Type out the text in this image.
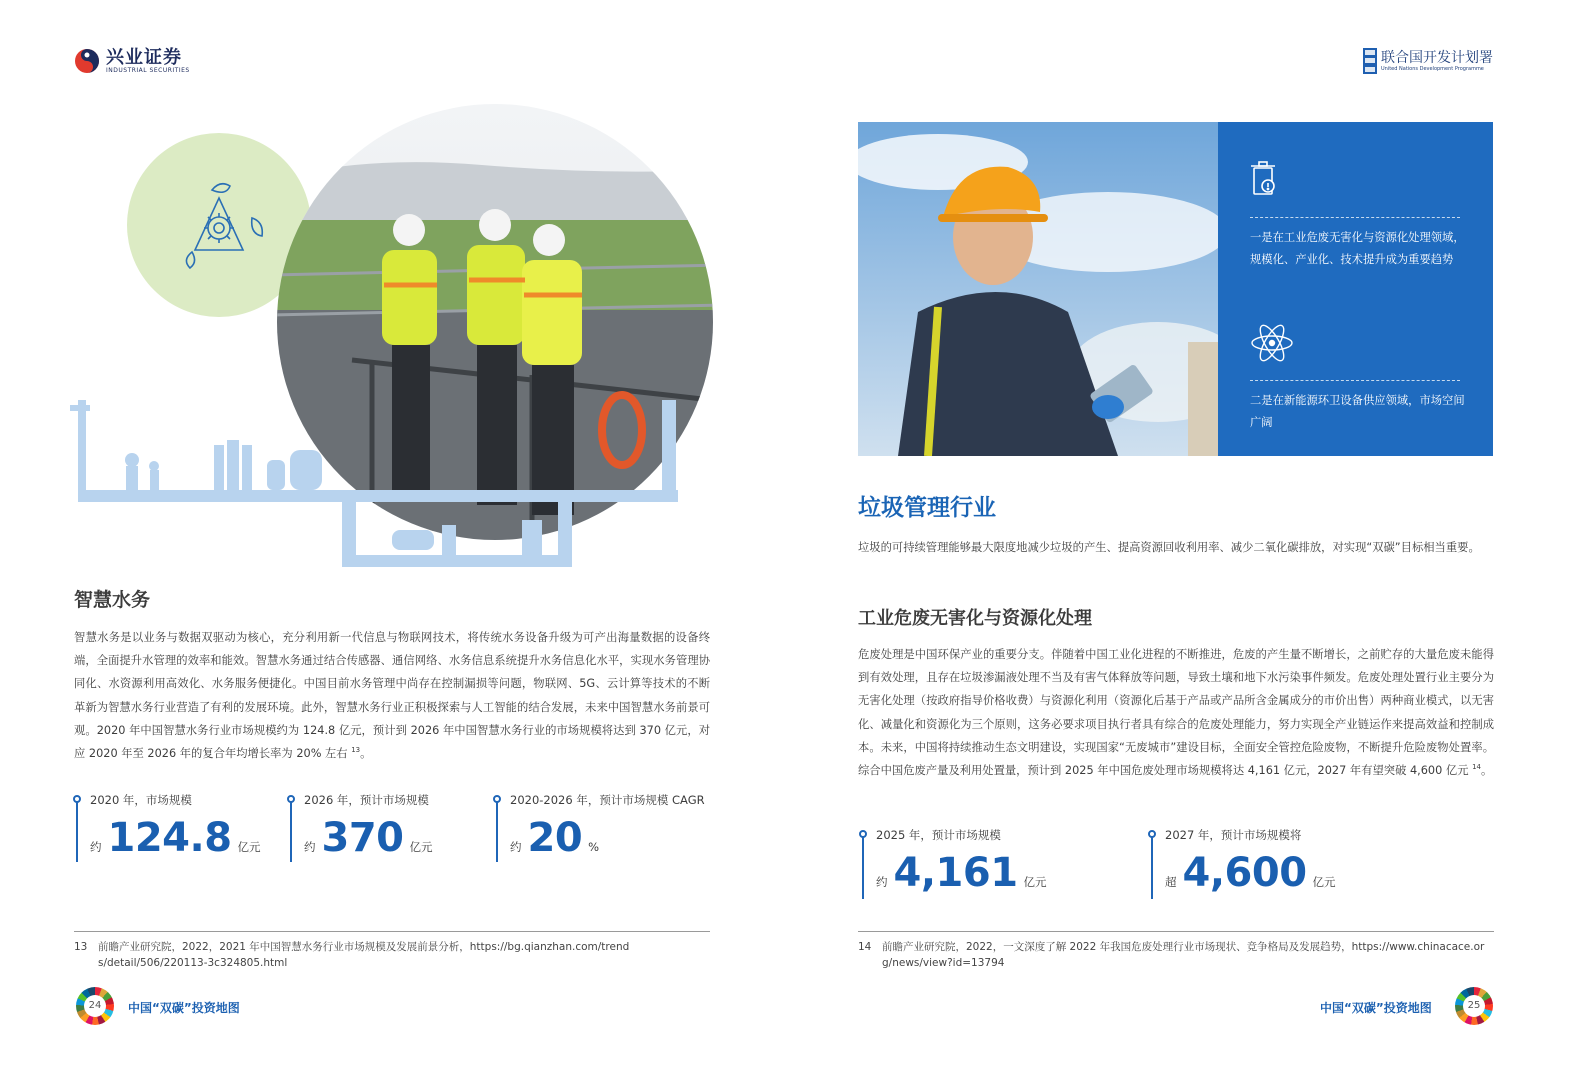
兴业证券
INDUSTRIAL SECURITIES
联合国开发计划署
United Nations Development Programme
智慧水务
智慧水务是以业务与数据双驱动为核心，充分利用新一代信息与物联网技术，将传统水务设备升级为可产出海量数据的设备终端，全面提升水管理的效率和能效。智慧水务通过结合传感器、通信网络、水务信息系统提升水务信息化水平，实现水务管理协同化、水资源利用高效化、水务服务便捷化。中国目前水务管理中尚存在控制漏损等问题，物联网、5G、云计算等技术的不断革新为智慧水务行业营造了有利的发展环境。此外，智慧水务行业正积极探索与人工智能的结合发展，未来中国智慧水务前景可观。2020 年中国智慧水务行业市场规模约为 124.8 亿元，预计到 2026 年中国智慧水务行业的市场规模将达到 370 亿元，对应 2020 年至 2026 年的复合年均增长率为 20% 左右 $^{13}$。
2020 年，市场规模
约 124.8 亿元
2026 年，预计市场规模
约 370 亿元
2020-2026 年，预计市场规模 CAGR
约 20 %
13	前瞻产业研究院，2022，2021 年中国智慧水务行业市场规模及发展前景分析，https://bg.qianzhan.com/trends/detail/506/220113-3c324805.html
24	中国“双碳”投资地图
一是在工业危废无害化与资源化处理领域，规模化、产业化、技术提升成为重要趋势
二是在新能源环卫设备供应领域，市场空间广阔
垃圾管理行业
垃圾的可持续管理能够最大限度地减少垃圾的产生、提高资源回收利用率、减少二氧化碳排放，对实现“双碳”目标相当重要。
工业危废无害化与资源化处理
危废处理是中国环保产业的重要分支。伴随着中国工业化进程的不断推进，危废的产生量不断增长，之前贮存的大量危废未能得到有效处理，且存在垃圾渗漏液处理不当及有害气体释放等问题，导致土壤和地下水污染事件频发。危废处理处置行业主要分为无害化处理（按政府指导价格收费）与资源化利用（资源化后基于产品或产品所含金属成分的市价出售）两种商业模式，以无害化、减量化和资源化为三个原则，这务必要求项目执行者具有综合的危废处理能力，努力实现全产业链运作来提高效益和控制成本。未来，中国将持续推动生态文明建设，实现国家“无废城市”建设目标，全面安全管控危险废物，不断提升危险废物处置率。综合中国危废产量及利用处置量，预计到 2025 年中国危废处理市场规模将达 4,161 亿元，2027 年有望突破 4,600 亿元 $^{14}$。
2025 年，预计市场规模
约 4,161 亿元
2027 年，预计市场规模将
超 4,600 亿元
14	前瞻产业研究院，2022，一文深度了解 2022 年我国危废处理行业市场现状、竞争格局及发展趋势，https://www.chinacace.org/news/view?id=13794
中国“双碳”投资地图	25
